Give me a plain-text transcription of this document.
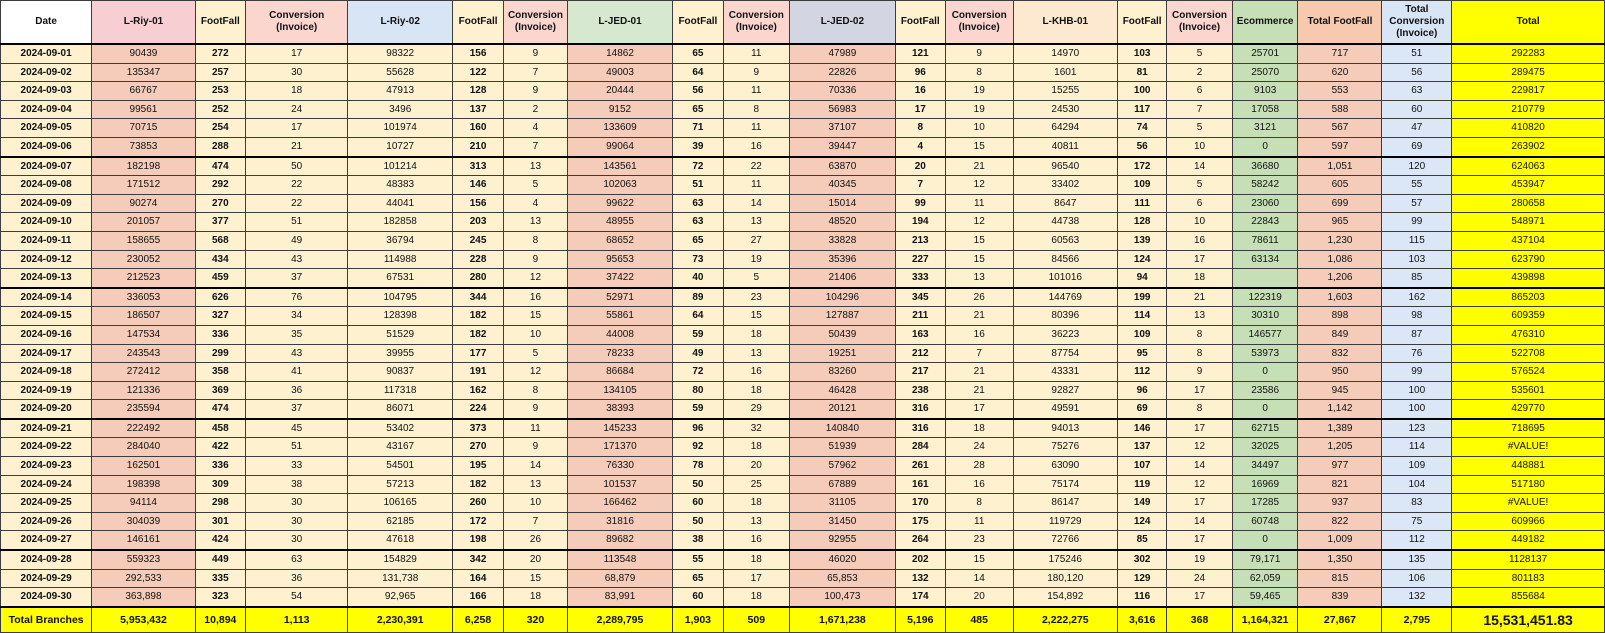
Date	L-Riy-01	FootFall	Conversion (Invoice)	L-Riy-02	FootFall	Conversion (Invoice)	L-JED-01	FootFall	Conversion (Invoice)	L-JED-02	FootFall	Conversion (Invoice)	L-KHB-01	FootFall	Conversion (Invoice)	Ecommerce	Total FootFall	Total Conversion (Invoice)	Total
2024-09-01	90439	272	17	98322	156	9	14862	65	11	47989	121	9	14970	103	5	25701	717	51	292283
2024-09-02	135347	257	30	55628	122	7	49003	64	9	22826	96	8	1601	81	2	25070	620	56	289475
2024-09-03	66767	253	18	47913	128	9	20444	56	11	70336	16	19	15255	100	6	9103	553	63	229817
2024-09-04	99561	252	24	3496	137	2	9152	65	8	56983	17	19	24530	117	7	17058	588	60	210779
2024-09-05	70715	254	17	101974	160	4	133609	71	11	37107	8	10	64294	74	5	3121	567	47	410820
2024-09-06	73853	288	21	10727	210	7	99064	39	16	39447	4	15	40811	56	10	0	597	69	263902
2024-09-07	182198	474	50	101214	313	13	143561	72	22	63870	20	21	96540	172	14	36680	1,051	120	624063
2024-09-08	171512	292	22	48383	146	5	102063	51	11	40345	7	12	33402	109	5	58242	605	55	453947
2024-09-09	90274	270	22	44041	156	4	99622	63	14	15014	99	11	8647	111	6	23060	699	57	280658
2024-09-10	201057	377	51	182858	203	13	48955	63	13	48520	194	12	44738	128	10	22843	965	99	548971
2024-09-11	158655	568	49	36794	245	8	68652	65	27	33828	213	15	60563	139	16	78611	1,230	115	437104
2024-09-12	230052	434	43	114988	228	9	95653	73	19	35396	227	15	84566	124	17	63134	1,086	103	623790
2024-09-13	212523	459	37	67531	280	12	37422	40	5	21406	333	13	101016	94	18		1,206	85	439898
2024-09-14	336053	626	76	104795	344	16	52971	89	23	104296	345	26	144769	199	21	122319	1,603	162	865203
2024-09-15	186507	327	34	128398	182	15	55861	64	15	127887	211	21	80396	114	13	30310	898	98	609359
2024-09-16	147534	336	35	51529	182	10	44008	59	18	50439	163	16	36223	109	8	146577	849	87	476310
2024-09-17	243543	299	43	39955	177	5	78233	49	13	19251	212	7	87754	95	8	53973	832	76	522708
2024-09-18	272412	358	41	90837	191	12	86684	72	16	83260	217	21	43331	112	9	0	950	99	576524
2024-09-19	121336	369	36	117318	162	8	134105	80	18	46428	238	21	92827	96	17	23586	945	100	535601
2024-09-20	235594	474	37	86071	224	9	38393	59	29	20121	316	17	49591	69	8	0	1,142	100	429770
2024-09-21	222492	458	45	53402	373	11	145233	96	32	140840	316	18	94013	146	17	62715	1,389	123	718695
2024-09-22	284040	422	51	43167	270	9	171370	92	18	51939	284	24	75276	137	12	32025	1,205	114	#VALUE!
2024-09-23	162501	336	33	54501	195	14	76330	78	20	57962	261	28	63090	107	14	34497	977	109	448881
2024-09-24	198398	309	38	57213	182	13	101537	50	25	67889	161	16	75174	119	12	16969	821	104	517180
2024-09-25	94114	298	30	106165	260	10	166462	60	18	31105	170	8	86147	149	17	17285	937	83	#VALUE!
2024-09-26	304039	301	30	62185	172	7	31816	50	13	31450	175	11	119729	124	14	60748	822	75	609966
2024-09-27	146161	424	30	47618	198	26	89682	38	16	92955	264	23	72766	85	17	0	1,009	112	449182
2024-09-28	559323	449	63	154829	342	20	113548	55	18	46020	202	15	175246	302	19	79,171	1,350	135	1128137
2024-09-29	292,533	335	36	131,738	164	15	68,879	65	17	65,853	132	14	180,120	129	24	62,059	815	106	801183
2024-09-30	363,898	323	54	92,965	166	18	83,991	60	18	100,473	174	20	154,892	116	17	59,465	839	132	855684
Total Branches	5,953,432	10,894	1,113	2,230,391	6,258	320	2,289,795	1,903	509	1,671,238	5,196	485	2,222,275	3,616	368	1,164,321	27,867	2,795	15,531,451.83
